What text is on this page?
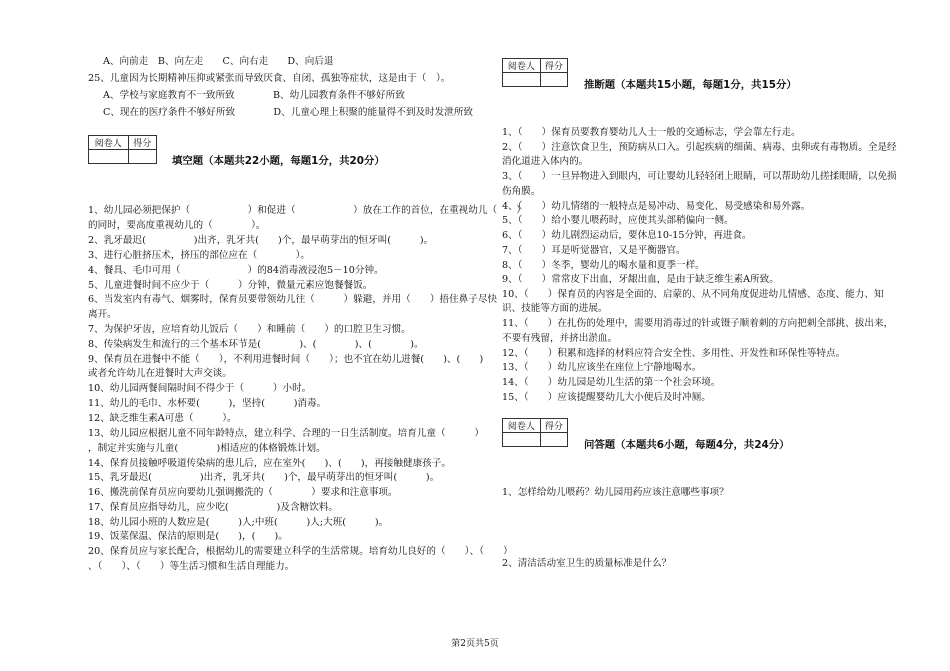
A、向前走　B、向左走　　C、向右走　　D、向后退
25、儿童因为长期精神压抑或紧张而导致厌食、自闭、孤独等症状，这是由于（　）。
A、学校与家庭教育不一致所致　　　　B、幼儿园教育条件不够好所致
C、现在的医疗条件不够好所致　　　　D、儿童心理上积聚的能量得不到及时发泄所致
阅卷人	得分

填空题（本题共22小题，每题1分，共20分）
1、幼儿园必须把保护（　　　　　　）和促进（　　　　　　）放在工作的首位，在重视幼儿（　　）
的同时，要高度重视幼儿的（　　　　）。
2、乳牙最迟(　　　　　)出齐，乳牙共(　　)个，最早萌芽出的恒牙叫(　　　)。
3、进行心脏挤压术，挤压的部位应在（　　　　）。
4、餐具、毛巾可用（　　　　　　　）的84消毒液浸泡5－10分钟。
5、儿童进餐时间不应少于（　　　）分钟，微量元素应饱餐餐饭。
6、当发室内有毒气、烟雾时，保育员要带领幼儿往（　　　）躲避，并用（　　）捂住鼻子尽快
离开。
7、为保护牙齿，应培育幼儿饭后（　　）和睡前（　　）的口腔卫生习惯。
8、传染病发生和流行的三个基本环节是(　　　　)、(　　　　)、(　　　　)。
9、保育员在进餐中不能（　　），不利用进餐时间（　　）；也不宜在幼儿进餐(　　)、(　　)
或者允许幼儿在进餐时大声交谈。
10、幼儿园两餐间隔时间不得少于（　　　）小时。
11、幼儿的毛巾、水杯要(　　　)，坚持(　　　)消毒。
12、缺乏维生素A可患（　　　）。
13、幼儿园应根据儿童不同年龄特点，建立科学、合理的一日生活制度。培育儿童（　　　）
，制定并实施与儿童(　　　　)相适应的体格锻炼计划。
14、保育员接触呼吸道传染病的患儿后，应在室外(　　)、(　　)，再接触健康孩子。
15、乳牙最迟(　　　　　)出齐，乳牙共(　　)个，最早萌芽出的恒牙叫(　　　)。
16、搬洗前保育员应向要幼儿强调搬洗的（　　　　）要求和注意事项。
17、保育员应指导幼儿，应少吃(　　　　　)及含糖饮料。
18、幼儿园小班的人数应是(　　　)人;中班(　　　)人;大班(　　　)。
19、饭菜保温、保洁的原则是(　　)，(　　)。
20、保育员应与家长配合，根据幼儿的需要建立科学的生活常规。培育幼儿良好的（　　）、（　　）
、（　　）、（　　）等生活习惯和生活自理能力。
阅卷人	得分

推断题（本题共15小题，每题1分，共15分）
1、（　　）保育员要教育婴幼儿人士一般的交通标志，学会靠左行走。
2、（　　）注意饮食卫生，预防病从口入。引起疾病的细菌、病毒、虫卵或有毒物质。全是经
消化道进入体内的。
3、（　　）一旦异物进入到眼内，可让婴幼儿轻轻闭上眼睛，可以帮助幼儿搓揉眼睛，以免损
伤角膜。
4、（　　）幼儿情绪的一般特点是易冲动、易变化、易受感染和易外露。
5、（　　）给小婴儿喂药时，应使其头部稍偏向一侧。
6、（　　）幼儿剧烈运动后，要休息10-15分钟，再进食。
7、（　　）耳是听觉器官，又是平衡器官。
8、（　　）冬季，婴幼儿的喝水量和夏季一样。
9、（　　）常常皮下出血，牙龈出血，是由于缺乏维生素A所致。
10、（　　）保育员的内容是全面的、启蒙的、从不同角度促进幼儿情感、态度、能力、知
识、技能等方面的进展。
11、（　　）在扎伤的处理中，需要用消毒过的针或镊子顺着刺的方向把刺全部挑、拔出来，
不要有残留，并挤出淤血。
12、（　　）积累和选择的材料应符合安全性、多用性、开发性和环保性等特点。
13、（　　）幼儿应该坐在座位上宁静地喝水。
14、（　　）幼儿园是幼儿生活的第一个社会环境。
15、（　　）应该提醒婴幼儿大小便后及时冲厕。
阅卷人	得分

问答题（本题共6小题，每题4分，共24分）
1、怎样给幼儿喂药？幼儿园用药应该注意哪些事项？
2、清洁活动室卫生的质量标准是什么？
第2页共5页
